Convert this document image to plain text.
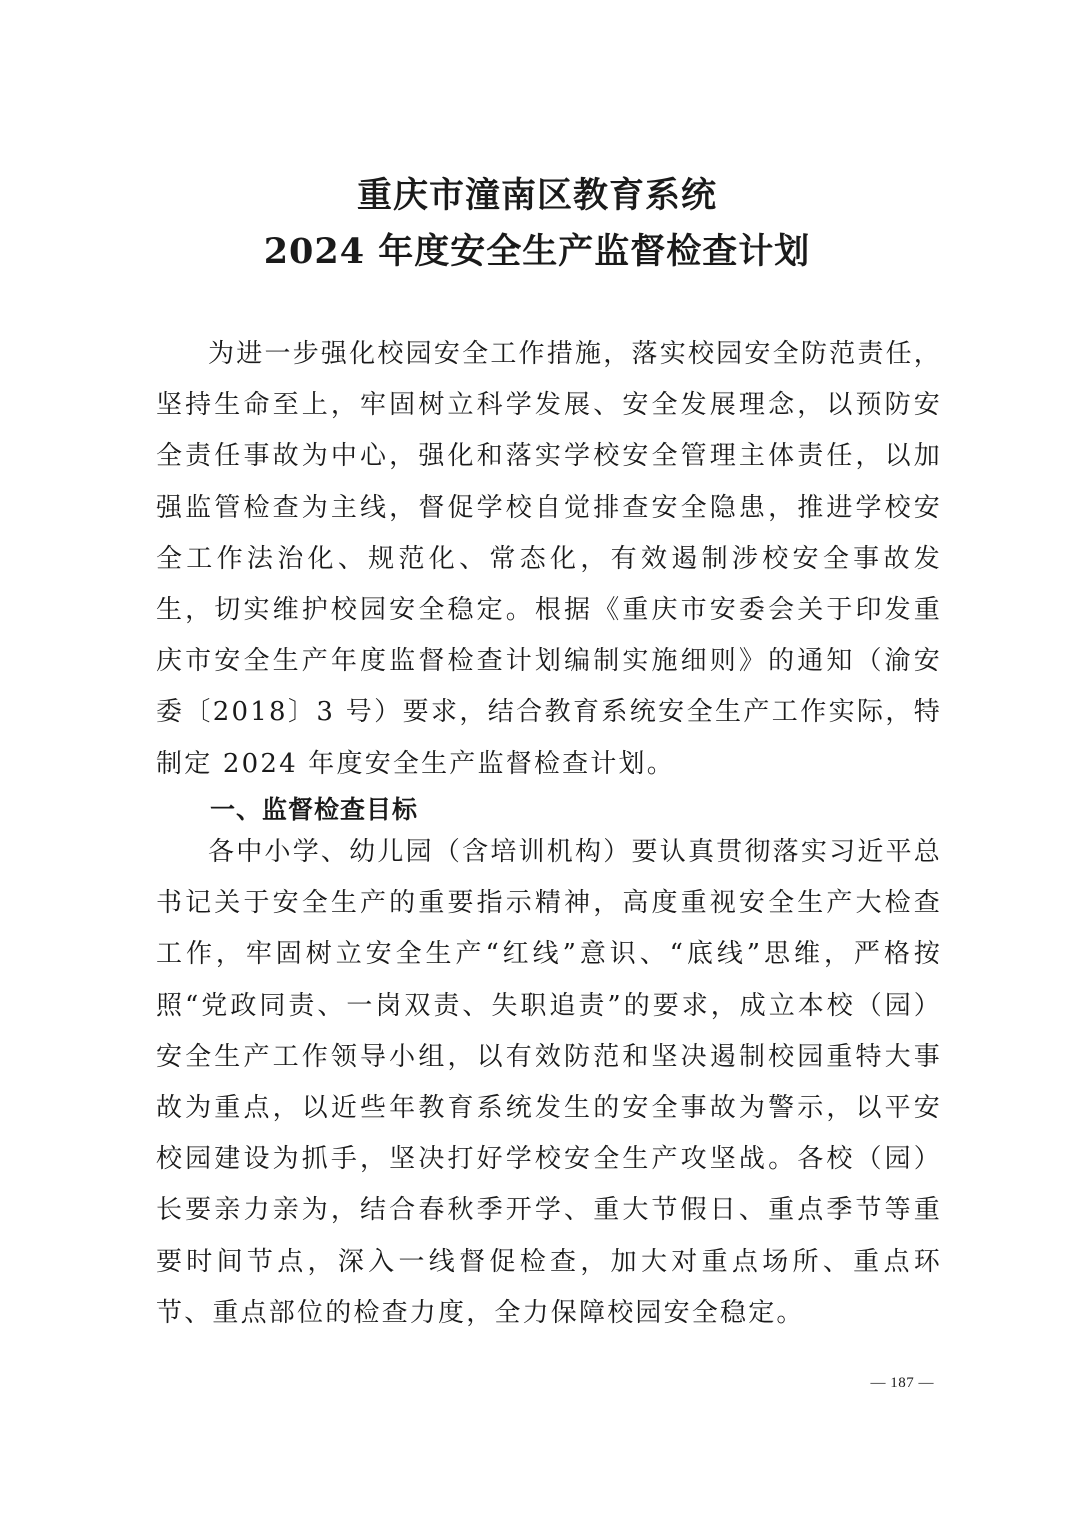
重庆市潼南区教育系统
2024 年度安全生产监督检查计划
为进一步强化校园安全工作措施，落实校园安全防范责任，坚持生命至上，牢固树立科学发展、安全发展理念，以预防安全责任事故为中心，强化和落实学校安全管理主体责任，以加强监管检查为主线，督促学校自觉排查安全隐患，推进学校安全工作法治化、规范化、常态化，有效遏制涉校安全事故发生，切实维护校园安全稳定。根据《重庆市安委会关于印发重庆市安全生产年度监督检查计划编制实施细则》的通知（渝安委〔2018〕3 号）要求，结合教育系统安全生产工作实际，特制定 2024 年度安全生产监督检查计划。
一、监督检查目标
各中小学、幼儿园（含培训机构）要认真贯彻落实习近平总书记关于安全生产的重要指示精神，高度重视安全生产大检查工作，牢固树立安全生产“红线”意识、“底线”思维，严格按照“党政同责、一岗双责、失职追责”的要求，成立本校（园）安全生产工作领导小组，以有效防范和坚决遏制校园重特大事故为重点，以近些年教育系统发生的安全事故为警示，以平安校园建设为抓手，坚决打好学校安全生产攻坚战。各校（园）长要亲力亲为，结合春秋季开学、重大节假日、重点季节等重要时间节点，深入一线督促检查，加大对重点场所、重点环节、重点部位的检查力度，全力保障校园安全稳定。
— 187 —
